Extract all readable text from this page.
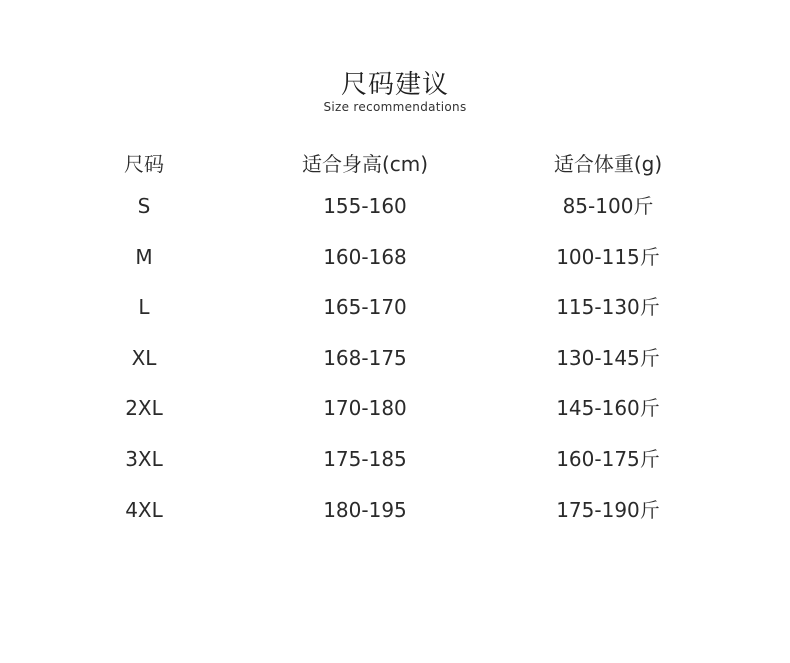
尺码建议
Size recommendations
尺码	适合身高(cm)	适合体重(g)
S	155-160	85-100斤
M	160-168	100-115斤
L	165-170	115-130斤
XL	168-175	130-145斤
2XL	170-180	145-160斤
3XL	175-185	160-175斤
4XL	180-195	175-190斤
